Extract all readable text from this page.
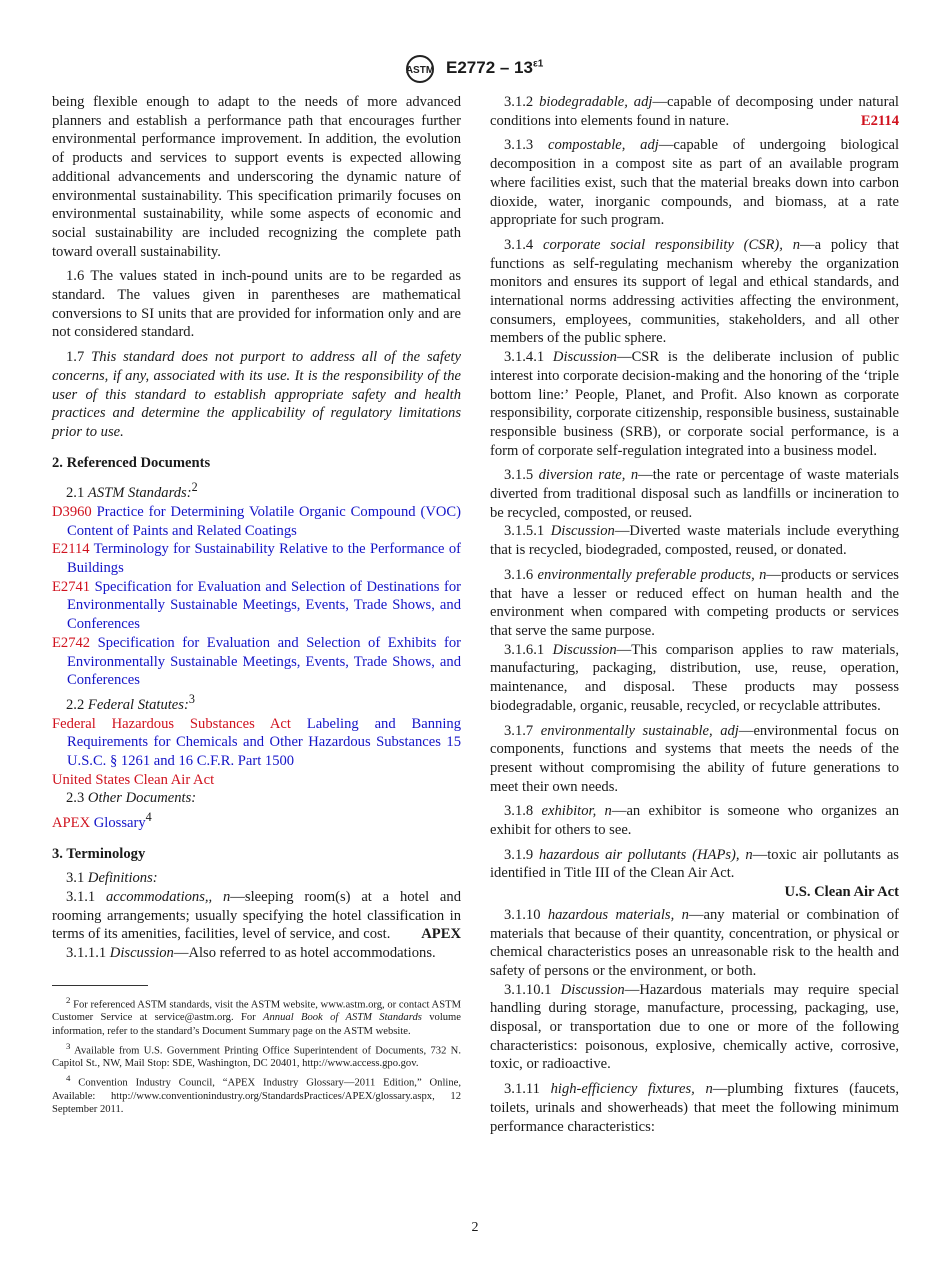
ASTM $E2772 - 13^{\varepsilon 1}$

being flexible enough to adapt to the needs of more advanced planners and establish a performance path that encourages further environmental performance improvement. In addition, the evolution of products and services to support events is expected allowing additional advancements and underscoring the dynamic nature of environmental sustainability. This specification primarily focuses on environmental sustainability, while some aspects of economic and social sustainability are included recognizing the complete path toward overall sustainability.

1.6 The values stated in inch-pound units are to be regarded as standard. The values given in parentheses are mathematical conversions to SI units that are provided for information only and are not considered standard.

1.7 This standard does not purport to address all of the safety concerns, if any, associated with its use. It is the responsibility of the user of this standard to establish appropriate safety and health practices and determine the applicability of regulatory limitations prior to use.

2. Referenced Documents

2.1 ASTM Standards:$^2$

D3960 Practice for Determining Volatile Organic Compound (VOC) Content of Paints and Related Coatings

E2114 Terminology for Sustainability Relative to the Performance of Buildings

E2741 Specification for Evaluation and Selection of Destinations for Environmentally Sustainable Meetings, Events, Trade Shows, and Conferences

E2742 Specification for Evaluation and Selection of Exhibits for Environmentally Sustainable Meetings, Events, Trade Shows, and Conferences

2.2 Federal Statutes:$^3$

Federal Hazardous Substances Act Labeling and Banning Requirements for Chemicals and Other Hazardous Substances 15 U.S.C. § 1261 and 16 C.F.R. Part 1500

United States Clean Air Act

2.3 Other Documents:

APEX Glossary$^4$

3. Terminology

3.1 Definitions:

3.1.1 accommodations,, n—sleeping room(s) at a hotel and rooming arrangements; usually specifying the hotel classification in terms of its amenities, facilities, level of service, and cost.	APEX

3.1.1.1 Discussion—Also referred to as hotel accommodations.

$^2$ For referenced ASTM standards, visit the ASTM website, www.astm.org, or contact ASTM Customer Service at service@astm.org. For Annual Book of ASTM Standards volume information, refer to the standard’s Document Summary page on the ASTM website.

$^3$ Available from U.S. Government Printing Office Superintendent of Documents, 732 N. Capitol St., NW, Mail Stop: SDE, Washington, DC 20401, http://www.access.gpo.gov.

$^4$ Convention Industry Council, “APEX Industry Glossary—2011 Edition,” Online, Available: http://www.conventionindustry.org/StandardsPractices/APEX/glossary.aspx, 12 September 2011.

3.1.2 biodegradable, adj—capable of decomposing under natural conditions into elements found in nature.	E2114

3.1.3 compostable, adj—capable of undergoing biological decomposition in a compost site as part of an available program where facilities exist, such that the material breaks down into carbon dioxide, water, inorganic compounds, and biomass, at a rate appropriate for such program.

3.1.4 corporate social responsibility (CSR), n—a policy that functions as self-regulating mechanism whereby the organization monitors and ensures its support of legal and ethical standards, and international norms addressing activities affecting the environment, consumers, employees, communities, stakeholders, and all other members of the public sphere.

3.1.4.1 Discussion—CSR is the deliberate inclusion of public interest into corporate decision-making and the honoring of the ‘triple bottom line:’ People, Planet, and Profit. Also known as corporate responsibility, corporate citizenship, responsible business, sustainable responsible business (SRB), or corporate social performance, is a form of corporate self-regulation integrated into a business model.

3.1.5 diversion rate, n—the rate or percentage of waste materials diverted from traditional disposal such as landfills or incineration to be recycled, composted, or reused.

3.1.5.1 Discussion—Diverted waste materials include everything that is recycled, biodegraded, composted, reused, or donated.

3.1.6 environmentally preferable products, n—products or services that have a lesser or reduced effect on human health and the environment when compared with competing products or services that serve the same purpose.

3.1.6.1 Discussion—This comparison applies to raw materials, manufacturing, packaging, distribution, use, reuse, operation, maintenance, and disposal. These products may possess biodegradable, organic, reusable, recycled, or recyclable attributes.

3.1.7 environmentally sustainable, adj—environmental focus on components, functions and systems that meets the needs of the present without compromising the ability of future generations to meet their own needs.

3.1.8 exhibitor, n—an exhibitor is someone who organizes an exhibit for others to see.

3.1.9 hazardous air pollutants (HAPs), n—toxic air pollutants as identified in Title III of the Clean Air Act.
U.S. Clean Air Act

3.1.10 hazardous materials, n—any material or combination of materials that because of their quantity, concentration, or physical or chemical characteristics poses an unreasonable risk to the health and safety of persons or the environment, or both.

3.1.10.1 Discussion—Hazardous materials may require special handling during storage, manufacture, processing, packaging, use, disposal, or transportation due to one or more of the following characteristics: poisonous, explosive, chemically active, corrosive, toxic, or radioactive.

3.1.11 high-efficiency fixtures, n—plumbing fixtures (faucets, toilets, urinals and showerheads) that meet the following minimum performance characteristics:

2
